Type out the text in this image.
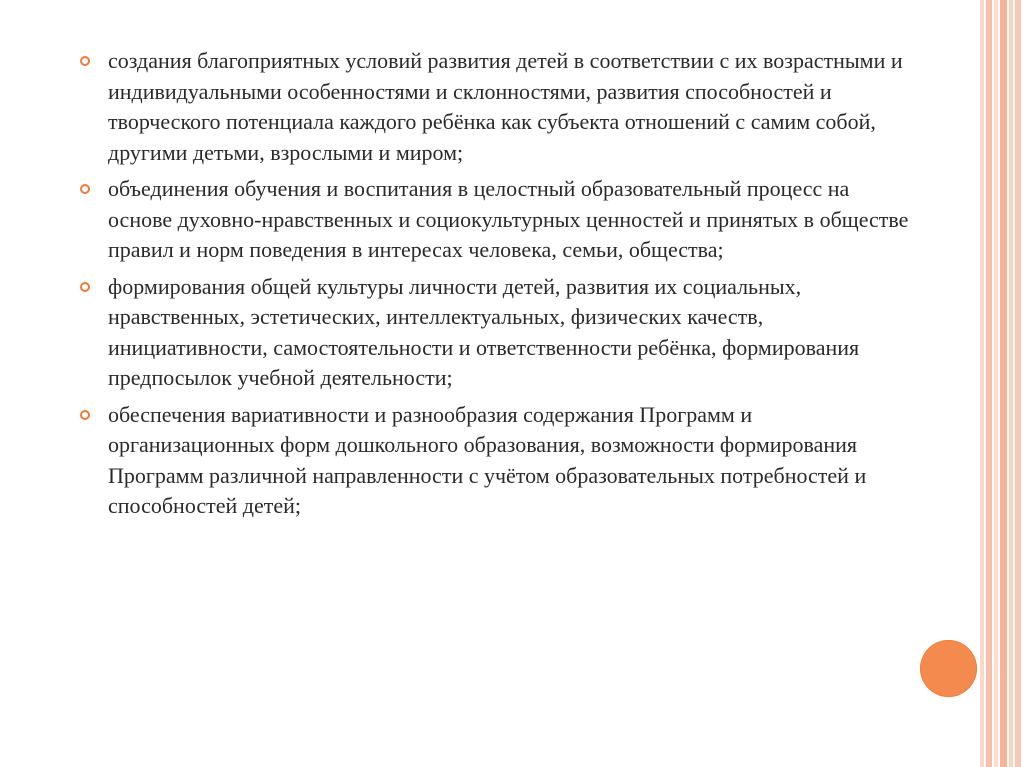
создания благоприятных условий развития детей в соответствии с их возрастными и индивидуальными особенностями и склонностями, развития способностей и творческого потенциала каждого ребёнка как субъекта отношений с самим собой, другими детьми, взрослыми и миром;
объединения обучения и воспитания в целостный образовательный процесс на основе духовно-нравственных и социокультурных ценностей и принятых в обществе правил и норм поведения в интересах человека, семьи, общества;
формирования общей культуры личности детей, развития их социальных, нравственных, эстетических, интеллектуальных, физических качеств, инициативности, самостоятельности и ответственности ребёнка, формирования предпосылок учебной деятельности;
обеспечения вариативности и разнообразия содержания Программ и организационных форм дошкольного образования, возможности формирования Программ различной направленности с учётом образовательных потребностей и способностей детей;
